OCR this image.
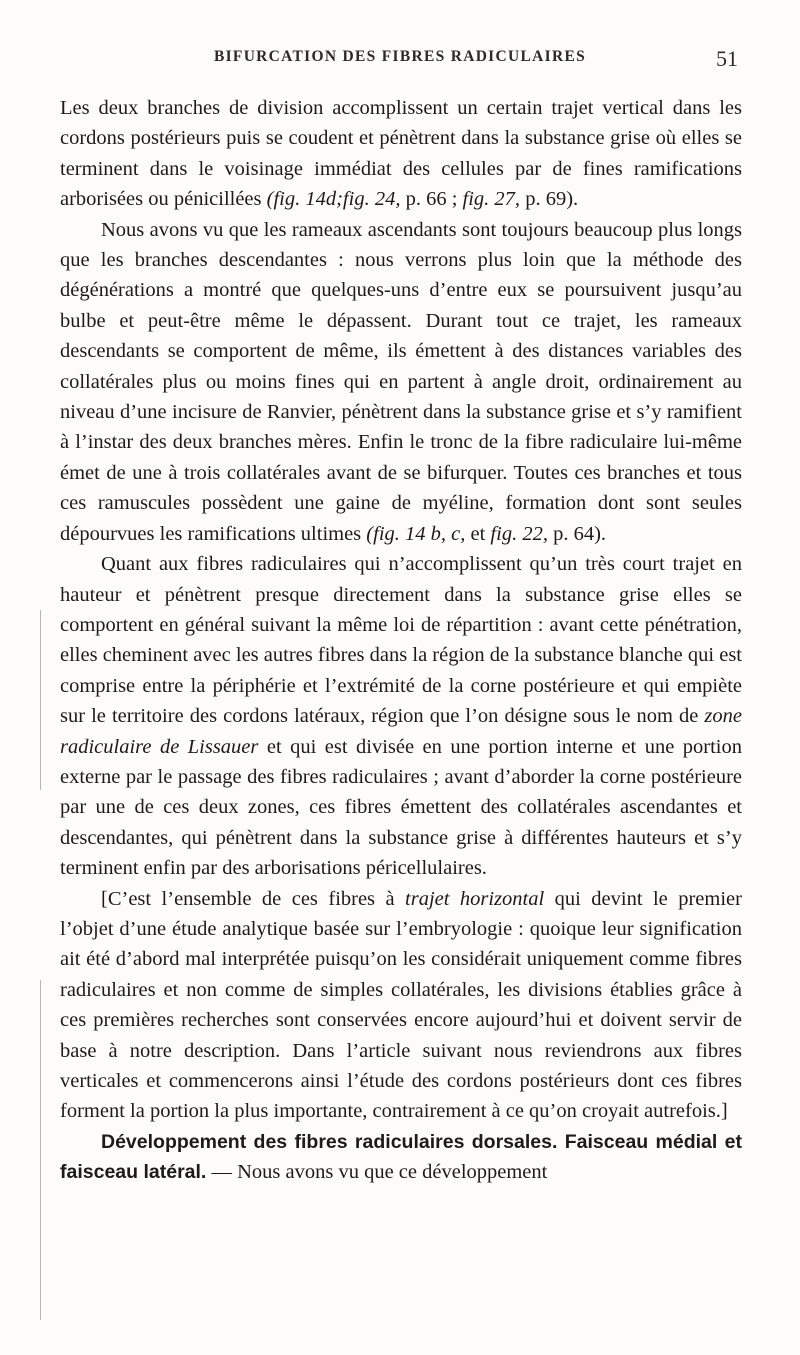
BIFURCATION DES FIBRES RADICULAIRES	51

Les deux branches de division accomplissent un certain trajet vertical dans les cordons postérieurs puis se coudent et pénètrent dans la substance grise où elles se terminent dans le voisinage immédiat des cellules par de fines ramifications arborisées ou pénicillées (fig. 14d;fig. 24, p. 66 ; fig. 27, p. 69).

Nous avons vu que les rameaux ascendants sont toujours beaucoup plus longs que les branches descendantes : nous verrons plus loin que la méthode des dégénérations a montré que quelques-uns d’entre eux se poursuivent jusqu’au bulbe et peut-être même le dépassent. Durant tout ce trajet, les rameaux descendants se comportent de même, ils émettent à des distances variables des collatérales plus ou moins fines qui en partent à angle droit, ordinairement au niveau d’une incisure de Ranvier, pénètrent dans la substance grise et s’y ramifient à l’instar des deux branches mères. Enfin le tronc de la fibre radiculaire lui-même émet de une à trois collatérales avant de se bifurquer. Toutes ces branches et tous ces ramuscules possèdent une gaine de myéline, formation dont sont seules dépourvues les ramifications ultimes (fig. 14 b, c, et fig. 22, p. 64).

Quant aux fibres radiculaires qui n’accomplissent qu’un très court trajet en hauteur et pénètrent presque directement dans la substance grise elles se comportent en général suivant la même loi de répartition : avant cette pénétration, elles cheminent avec les autres fibres dans la région de la substance blanche qui est comprise entre la périphérie et l’extrémité de la corne postérieure et qui empiète sur le territoire des cordons latéraux, région que l’on désigne sous le nom de zone radiculaire de Lissauer et qui est divisée en une portion interne et une portion externe par le passage des fibres radiculaires ; avant d’aborder la corne postérieure par une de ces deux zones, ces fibres émettent des collatérales ascendantes et descendantes, qui pénètrent dans la substance grise à différentes hauteurs et s’y terminent enfin par des arborisations péricellulaires.

[C’est l’ensemble de ces fibres à trajet horizontal qui devint le premier l’objet d’une étude analytique basée sur l’embryologie : quoique leur signification ait été d’abord mal interprétée puisqu’on les considérait uniquement comme fibres radiculaires et non comme de simples collatérales, les divisions établies grâce à ces premières recherches sont conservées encore aujourd’hui et doivent servir de base à notre description. Dans l’article suivant nous reviendrons aux fibres verticales et commencerons ainsi l’étude des cordons postérieurs dont ces fibres forment la portion la plus importante, contrairement à ce qu’on croyait autrefois.]

Développement des fibres radiculaires dorsales. Faisceau médial et faisceau latéral. — Nous avons vu que ce développement
